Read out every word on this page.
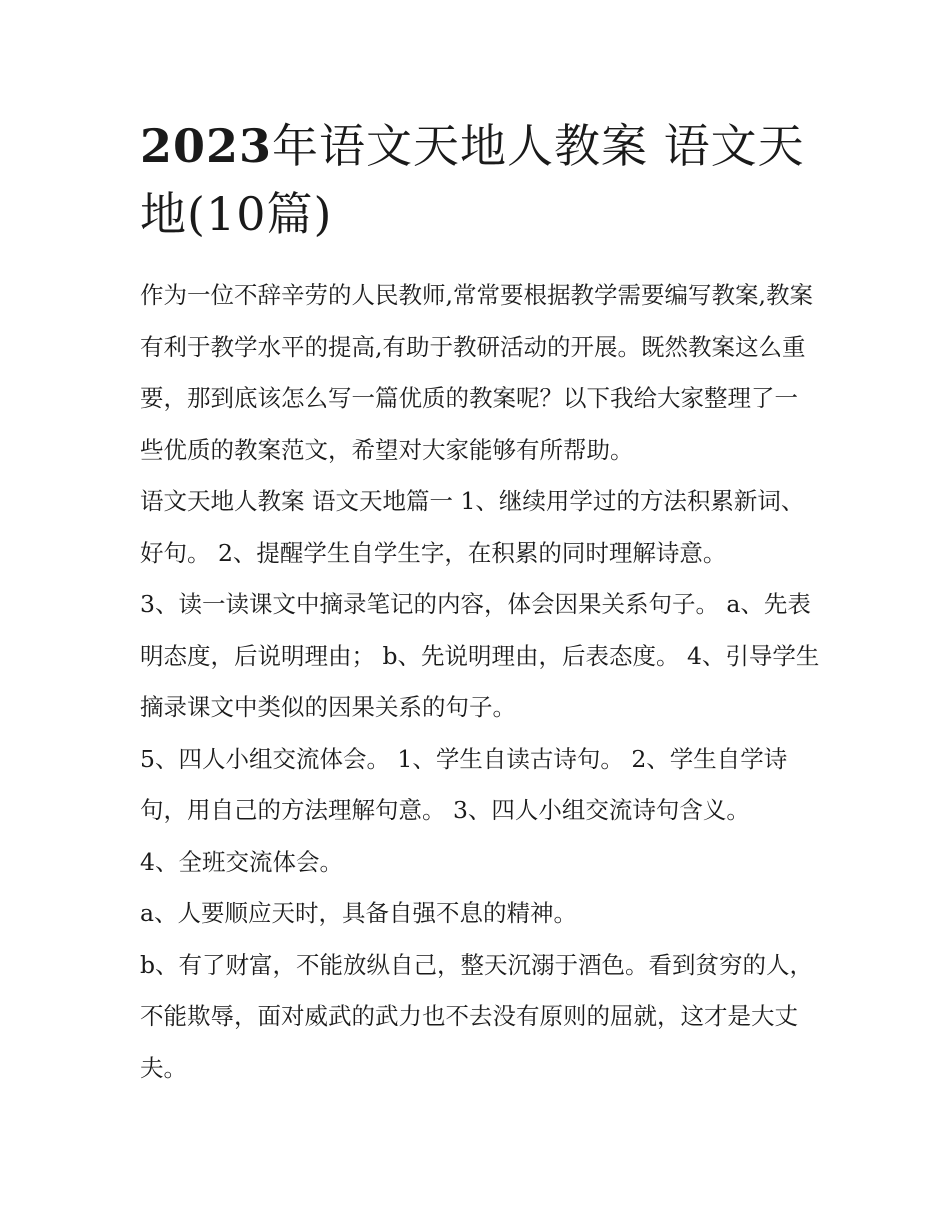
2023年语文天地人教案 语文天地(10篇)

作为一位不辞辛劳的人民教师,常常要根据教学需要编写教案,教案有利于教学水平的提高,有助于教研活动的开展。既然教案这么重要，那到底该怎么写一篇优质的教案呢？以下我给大家整理了一些优质的教案范文，希望对大家能够有所帮助。

语文天地人教案 语文天地篇一 1、继续用学过的方法积累新词、好句。 2、提醒学生自学生字，在积累的同时理解诗意。

3、读一读课文中摘录笔记的内容，体会因果关系句子。 a、先表明态度，后说明理由； b、先说明理由，后表态度。 4、引导学生摘录课文中类似的因果关系的句子。

5、四人小组交流体会。 1、学生自读古诗句。 2、学生自学诗句，用自己的方法理解句意。 3、四人小组交流诗句含义。

4、全班交流体会。

a、人要顺应天时，具备自强不息的精神。

b、有了财富，不能放纵自己，整天沉溺于酒色。看到贫穷的人，不能欺辱，面对威武的武力也不去没有原则的屈就，这才是大丈夫。
